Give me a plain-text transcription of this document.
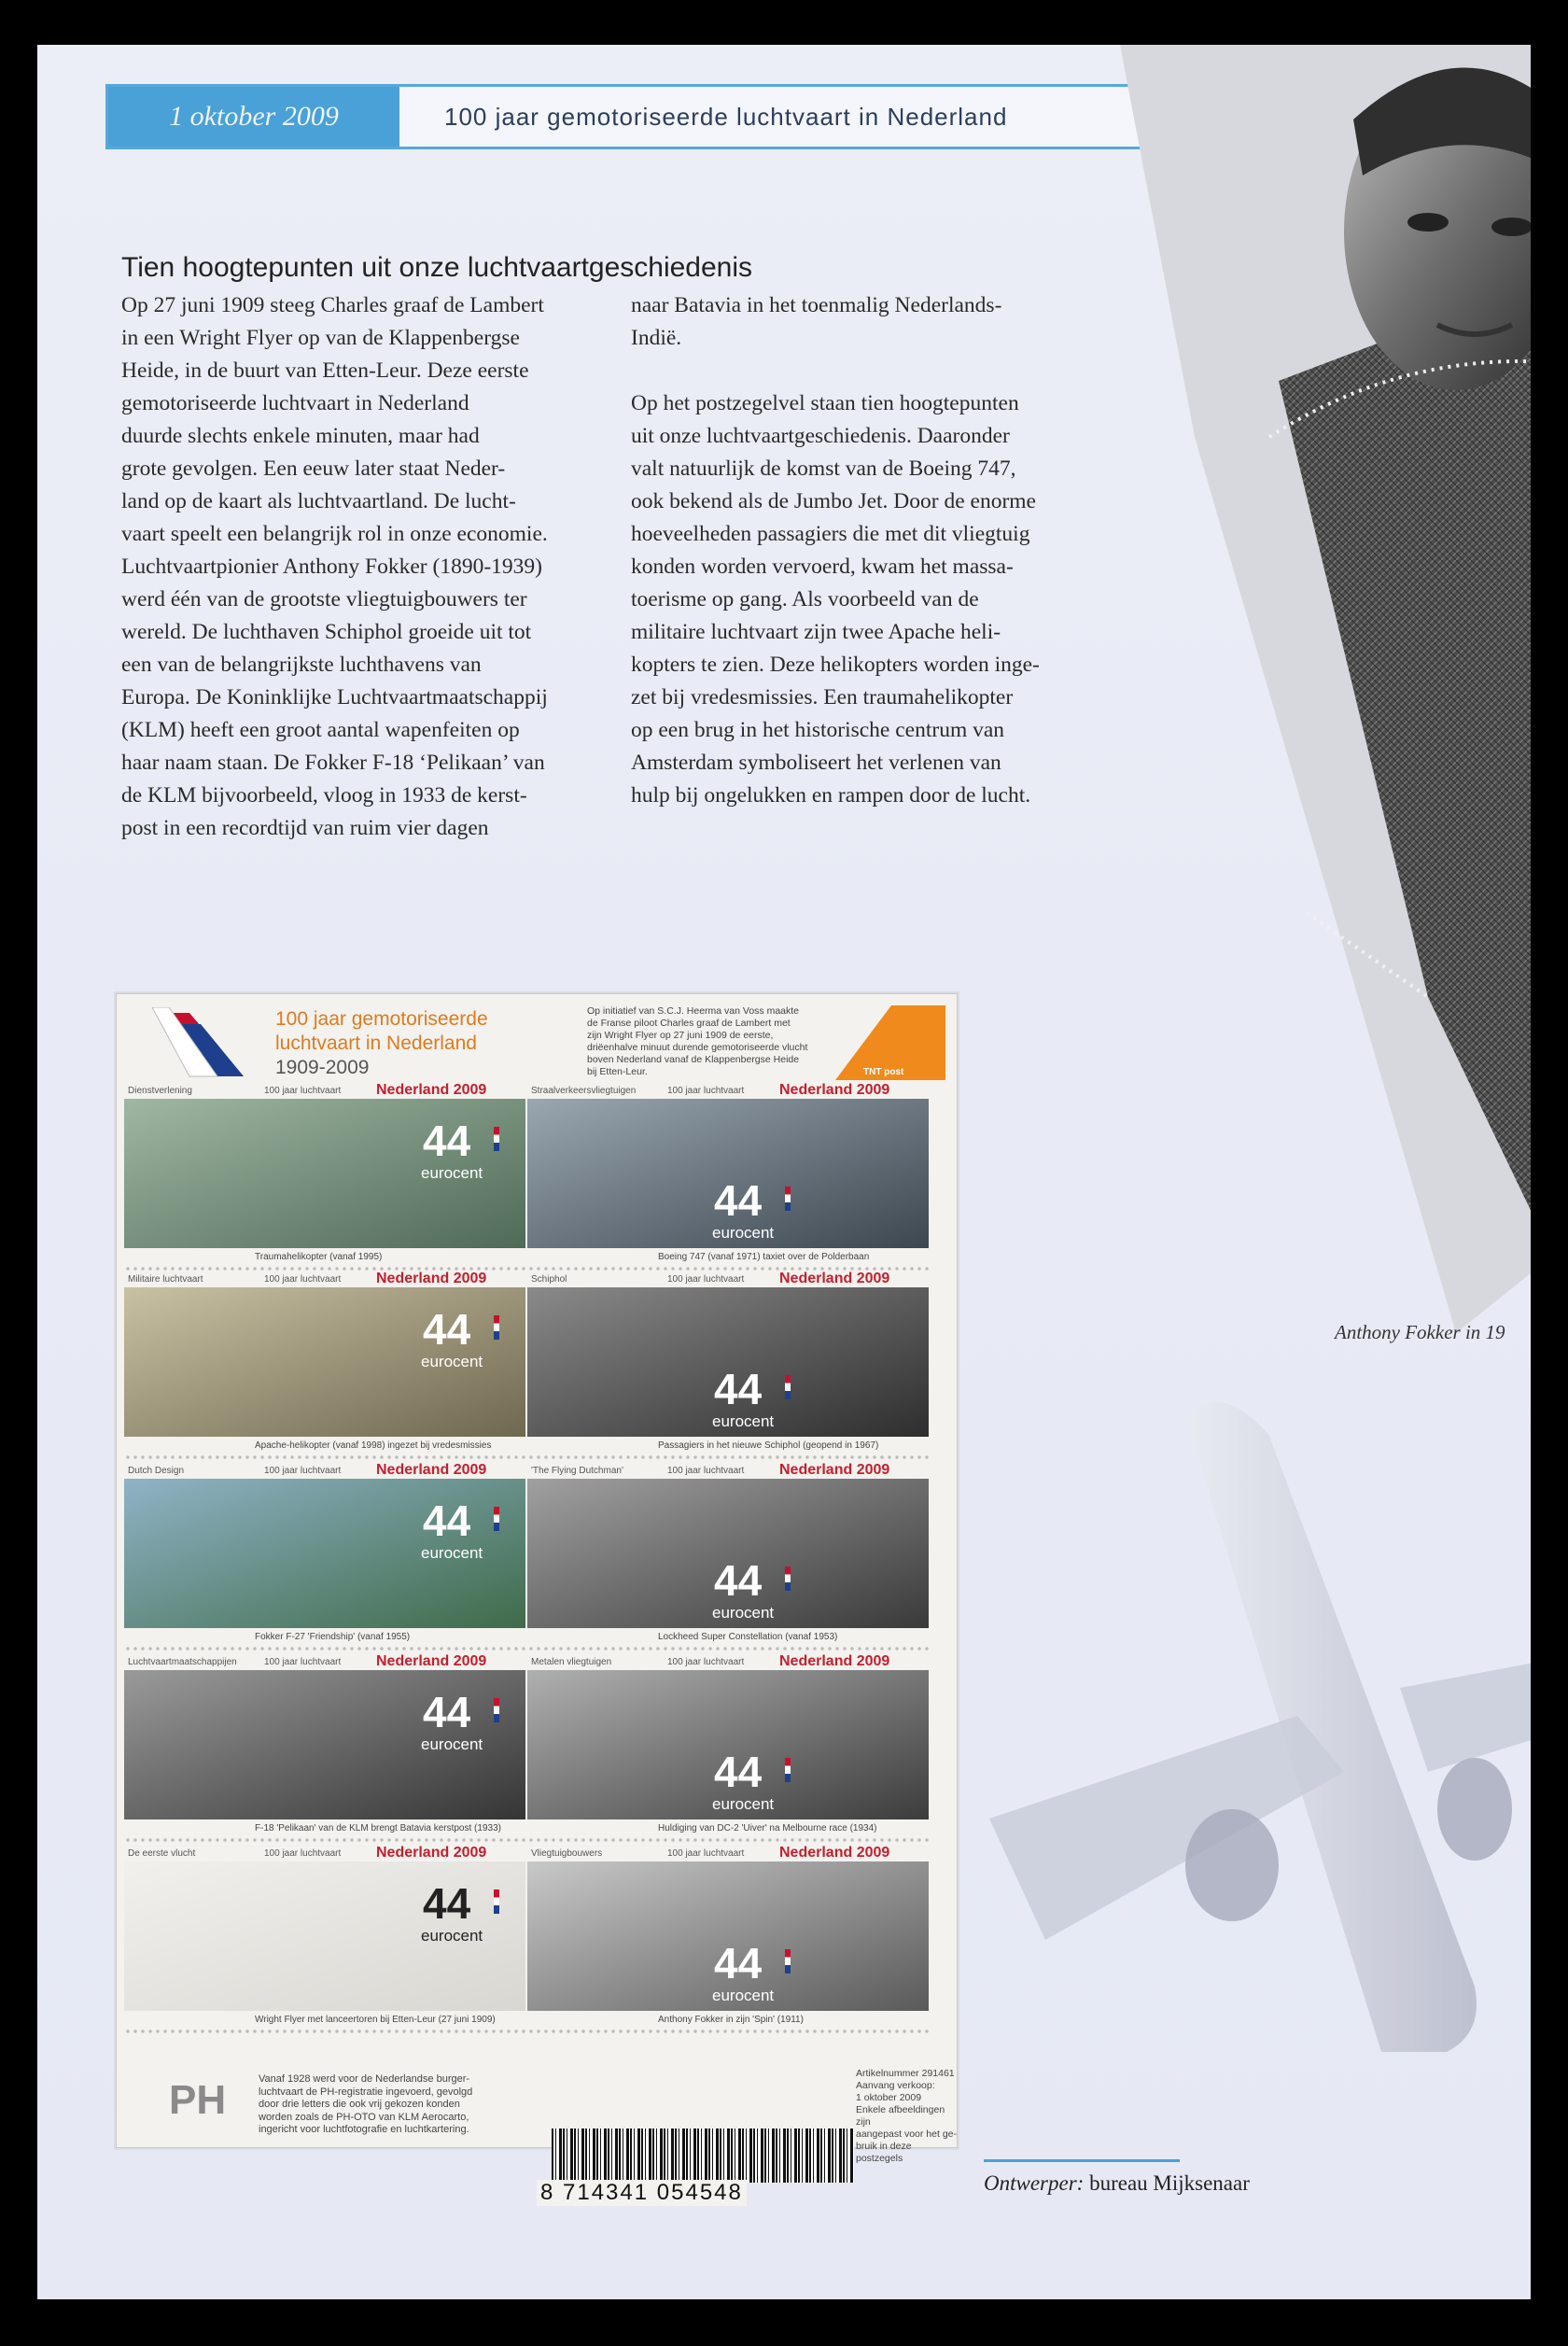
1 oktober 2009	100 jaar gemotoriseerde luchtvaart in Nederland
Anthony Fokker in 19
Tien hoogtepunten uit onze luchtvaartgeschiedenis
Op 27 juni 1909 steeg Charles graaf de Lambert
in een Wright Flyer op van de Klappenbergse
Heide, in de buurt van Etten-Leur. Deze eerste
gemotoriseerde luchtvaart in Nederland
duurde slechts enkele minuten, maar had
grote gevolgen. Een eeuw later staat Neder-
land op de kaart als luchtvaartland. De lucht-
vaart speelt een belangrijk rol in onze economie.
Luchtvaartpionier Anthony Fokker (1890-1939)
werd één van de grootste vliegtuigbouwers ter
wereld. De luchthaven Schiphol groeide uit tot
een van de belangrijkste luchthavens van
Europa. De Koninklijke Luchtvaartmaatschappij
(KLM) heeft een groot aantal wapenfeiten op
haar naam staan. De Fokker F-18 ‘Pelikaan’ van
de KLM bijvoorbeeld, vloog in 1933 de kerst-
post in een recordtijd van ruim vier dagen
naar Batavia in het toenmalig Nederlands-
Indië.

Op het postzegelvel staan tien hoogtepunten
uit onze luchtvaartgeschiedenis. Daaronder
valt natuurlijk de komst van de Boeing 747,
ook bekend als de Jumbo Jet. Door de enorme
hoeveelheden passagiers die met dit vliegtuig
konden worden vervoerd, kwam het massa-
toerisme op gang. Als voorbeeld van de
militaire luchtvaart zijn twee Apache heli-
kopters te zien. Deze helikopters worden inge-
zet bij vredesmissies. Een traumahelikopter
op een brug in het historische centrum van
Amsterdam symboliseert het verlenen van
hulp bij ongelukken en rampen door de lucht.
100 jaar gemotoriseerde
luchtvaart in Nederland
1909-2009
Op initiatief van S.C.J. Heerma van Voss maakte
de Franse piloot Charles graaf de Lambert met
zijn Wright Flyer op 27 juni 1909 de eerste,
driëenhalve minuut durende gemotoriseerde vlucht
boven Nederland vanaf de Klappenbergse Heide
bij Etten-Leur.	TNT post
Dienstverlening	100 jaar luchtvaart Nederland 2009
44
eurocent
Traumahelikopter (vanaf 1995)
Straalverkeersvliegtuigen	100 jaar luchtvaart Nederland 2009
44
eurocent
Boeing 747 (vanaf 1971) taxiet over de Polderbaan
Militaire luchtvaart	100 jaar luchtvaart Nederland 2009
44
eurocent
Apache-helikopter (vanaf 1998) ingezet bij vredesmissies
Schiphol	100 jaar luchtvaart Nederland 2009
44
eurocent
Passagiers in het nieuwe Schiphol (geopend in 1967)
Dutch Design	100 jaar luchtvaart Nederland 2009
44
eurocent
Fokker F-27 'Friendship' (vanaf 1955)
'The Flying Dutchman'	100 jaar luchtvaart Nederland 2009
44
eurocent
Lockheed Super Constellation (vanaf 1953)
Luchtvaartmaatschappijen	100 jaar luchtvaart Nederland 2009
44
eurocent
F-18 'Pelikaan' van de KLM brengt Batavia kerstpost (1933)
Metalen vliegtuigen	100 jaar luchtvaart Nederland 2009
44
eurocent
Huldiging van DC-2 'Uiver' na Melbourne race (1934)
De eerste vlucht	100 jaar luchtvaart Nederland 2009
44
eurocent
Wright Flyer met lanceertoren bij Etten-Leur (27 juni 1909)
Vliegtuigbouwers	100 jaar luchtvaart Nederland 2009
44
eurocent
Anthony Fokker in zijn 'Spin' (1911)
PH	Vanaf 1928 werd voor de Nederlandse burger-
luchtvaart de PH-registratie ingevoerd, gevolgd
door drie letters die ook vrij gekozen konden
worden zoals de PH-OTO van KLM Aerocarto,
ingericht voor luchtfotografie en luchtkartering.
Artikelnummer 291461
Aanvang verkoop:
1 oktober 2009
Enkele afbeeldingen zijn
aangepast voor het ge-
bruik in deze postzegels
8 714341 054548	Ontwerper: bureau Mijksenaar
